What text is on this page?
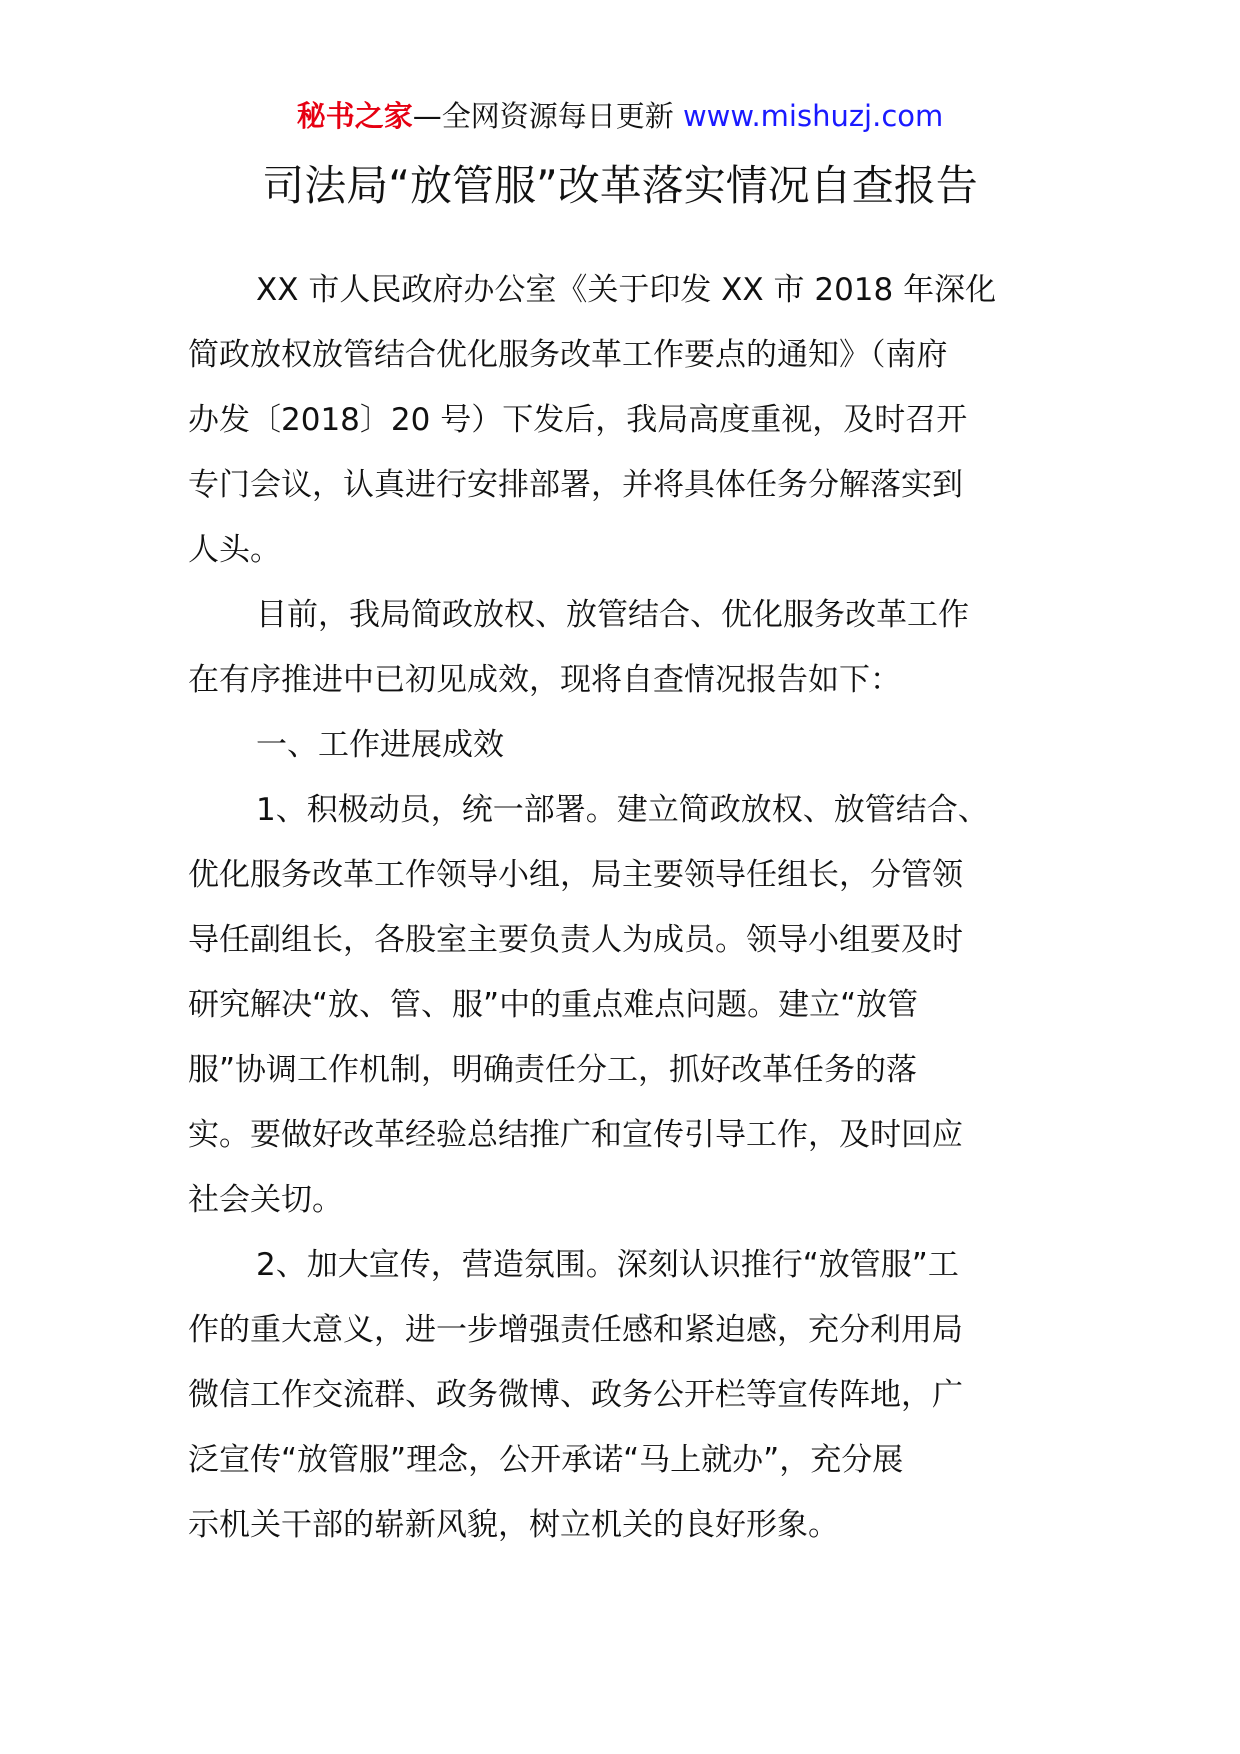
秘书之家—全网资源每日更新 www.mishuzj.com
司法局“放管服”改革落实情况自查报告
XX 市人民政府办公室《关于印发 XX 市 2018 年深化
简政放权放管结合优化服务改革工作要点的通知》（南府
办发〔2018〕20 号）下发后，我局高度重视，及时召开
专门会议，认真进行安排部署，并将具体任务分解落实到
人头。
目前，我局简政放权、放管结合、优化服务改革工作
在有序推进中已初见成效，现将自查情况报告如下：
一、工作进展成效
1、积极动员，统一部署。建立简政放权、放管结合、
优化服务改革工作领导小组，局主要领导任组长，分管领
导任副组长，各股室主要负责人为成员。领导小组要及时
研究解决“放、管、服”中的重点难点问题。建立“放管
服”协调工作机制，明确责任分工，抓好改革任务的落
实。要做好改革经验总结推广和宣传引导工作，及时回应
社会关切。
2、加大宣传，营造氛围。深刻认识推行“放管服”工
作的重大意义，进一步增强责任感和紧迫感，充分利用局
微信工作交流群、政务微博、政务公开栏等宣传阵地，广
泛宣传“放管服”理念，公开承诺“马上就办”，充分展
示机关干部的崭新风貌，树立机关的良好形象。
